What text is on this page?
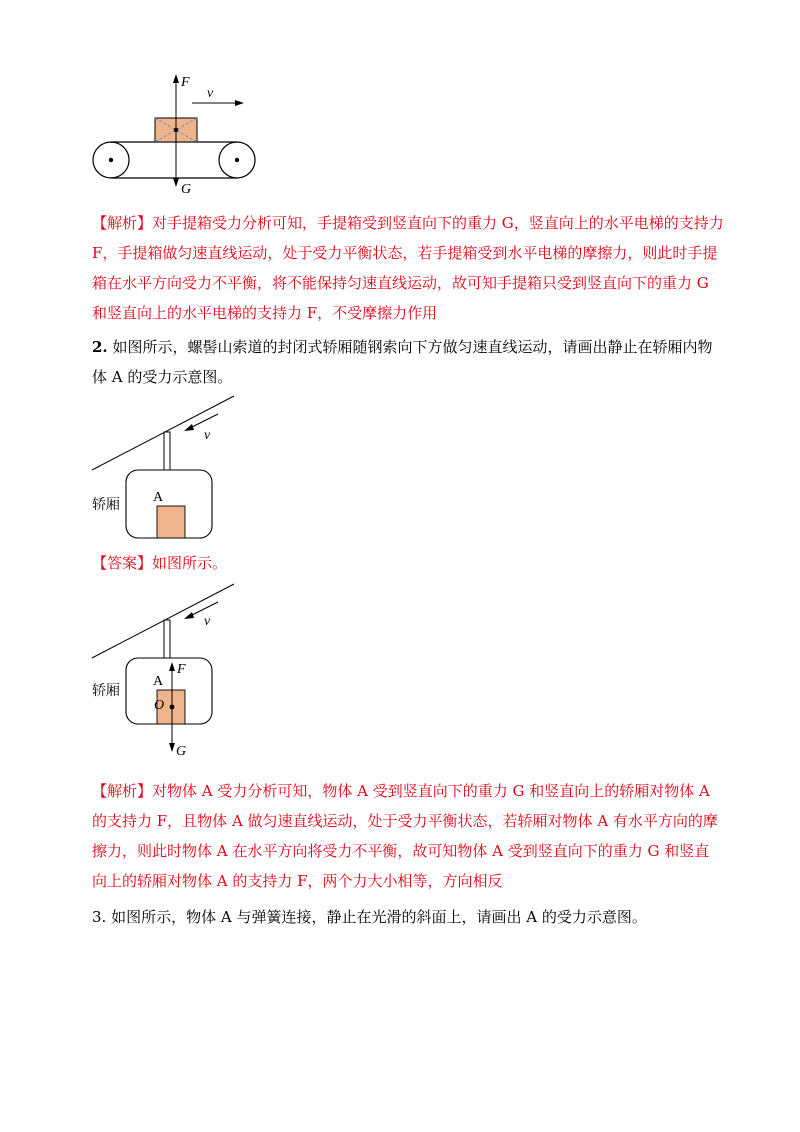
F
G
v
【解析】对手提箱受力分析可知，手提箱受到竖直向下的重力 G，竖直向上的水平电梯的支持力 F，手提箱做匀速直线运动，处于受力平衡状态，若手提箱受到水平电梯的摩擦力，则此时手提箱在水平方向受力不平衡，将不能保持匀速直线运动，故可知手提箱只受到竖直向下的重力 G 和竖直向上的水平电梯的支持力 F，不受摩擦力作用
2. 如图所示，螺髻山索道的封闭式轿厢随钢索向下方做匀速直线运动，请画出静止在轿厢内物体 A 的受力示意图。
轿厢 A
v
【答案】如图所示。
轿厢
A
O
F
G
v
【解析】对物体 A 受力分析可知，物体 A 受到竖直向下的重力 G 和竖直向上的轿厢对物体 A 的支持力 F，且物体 A 做匀速直线运动，处于受力平衡状态，若轿厢对物体 A 有水平方向的摩擦力，则此时物体 A 在水平方向将受力不平衡，故可知物体 A 受到竖直向下的重力 G 和竖直向上的轿厢对物体 A 的支持力 F，两个力大小相等，方向相反
3. 如图所示，物体 A 与弹簧连接，静止在光滑的斜面上，请画出 A 的受力示意图。
